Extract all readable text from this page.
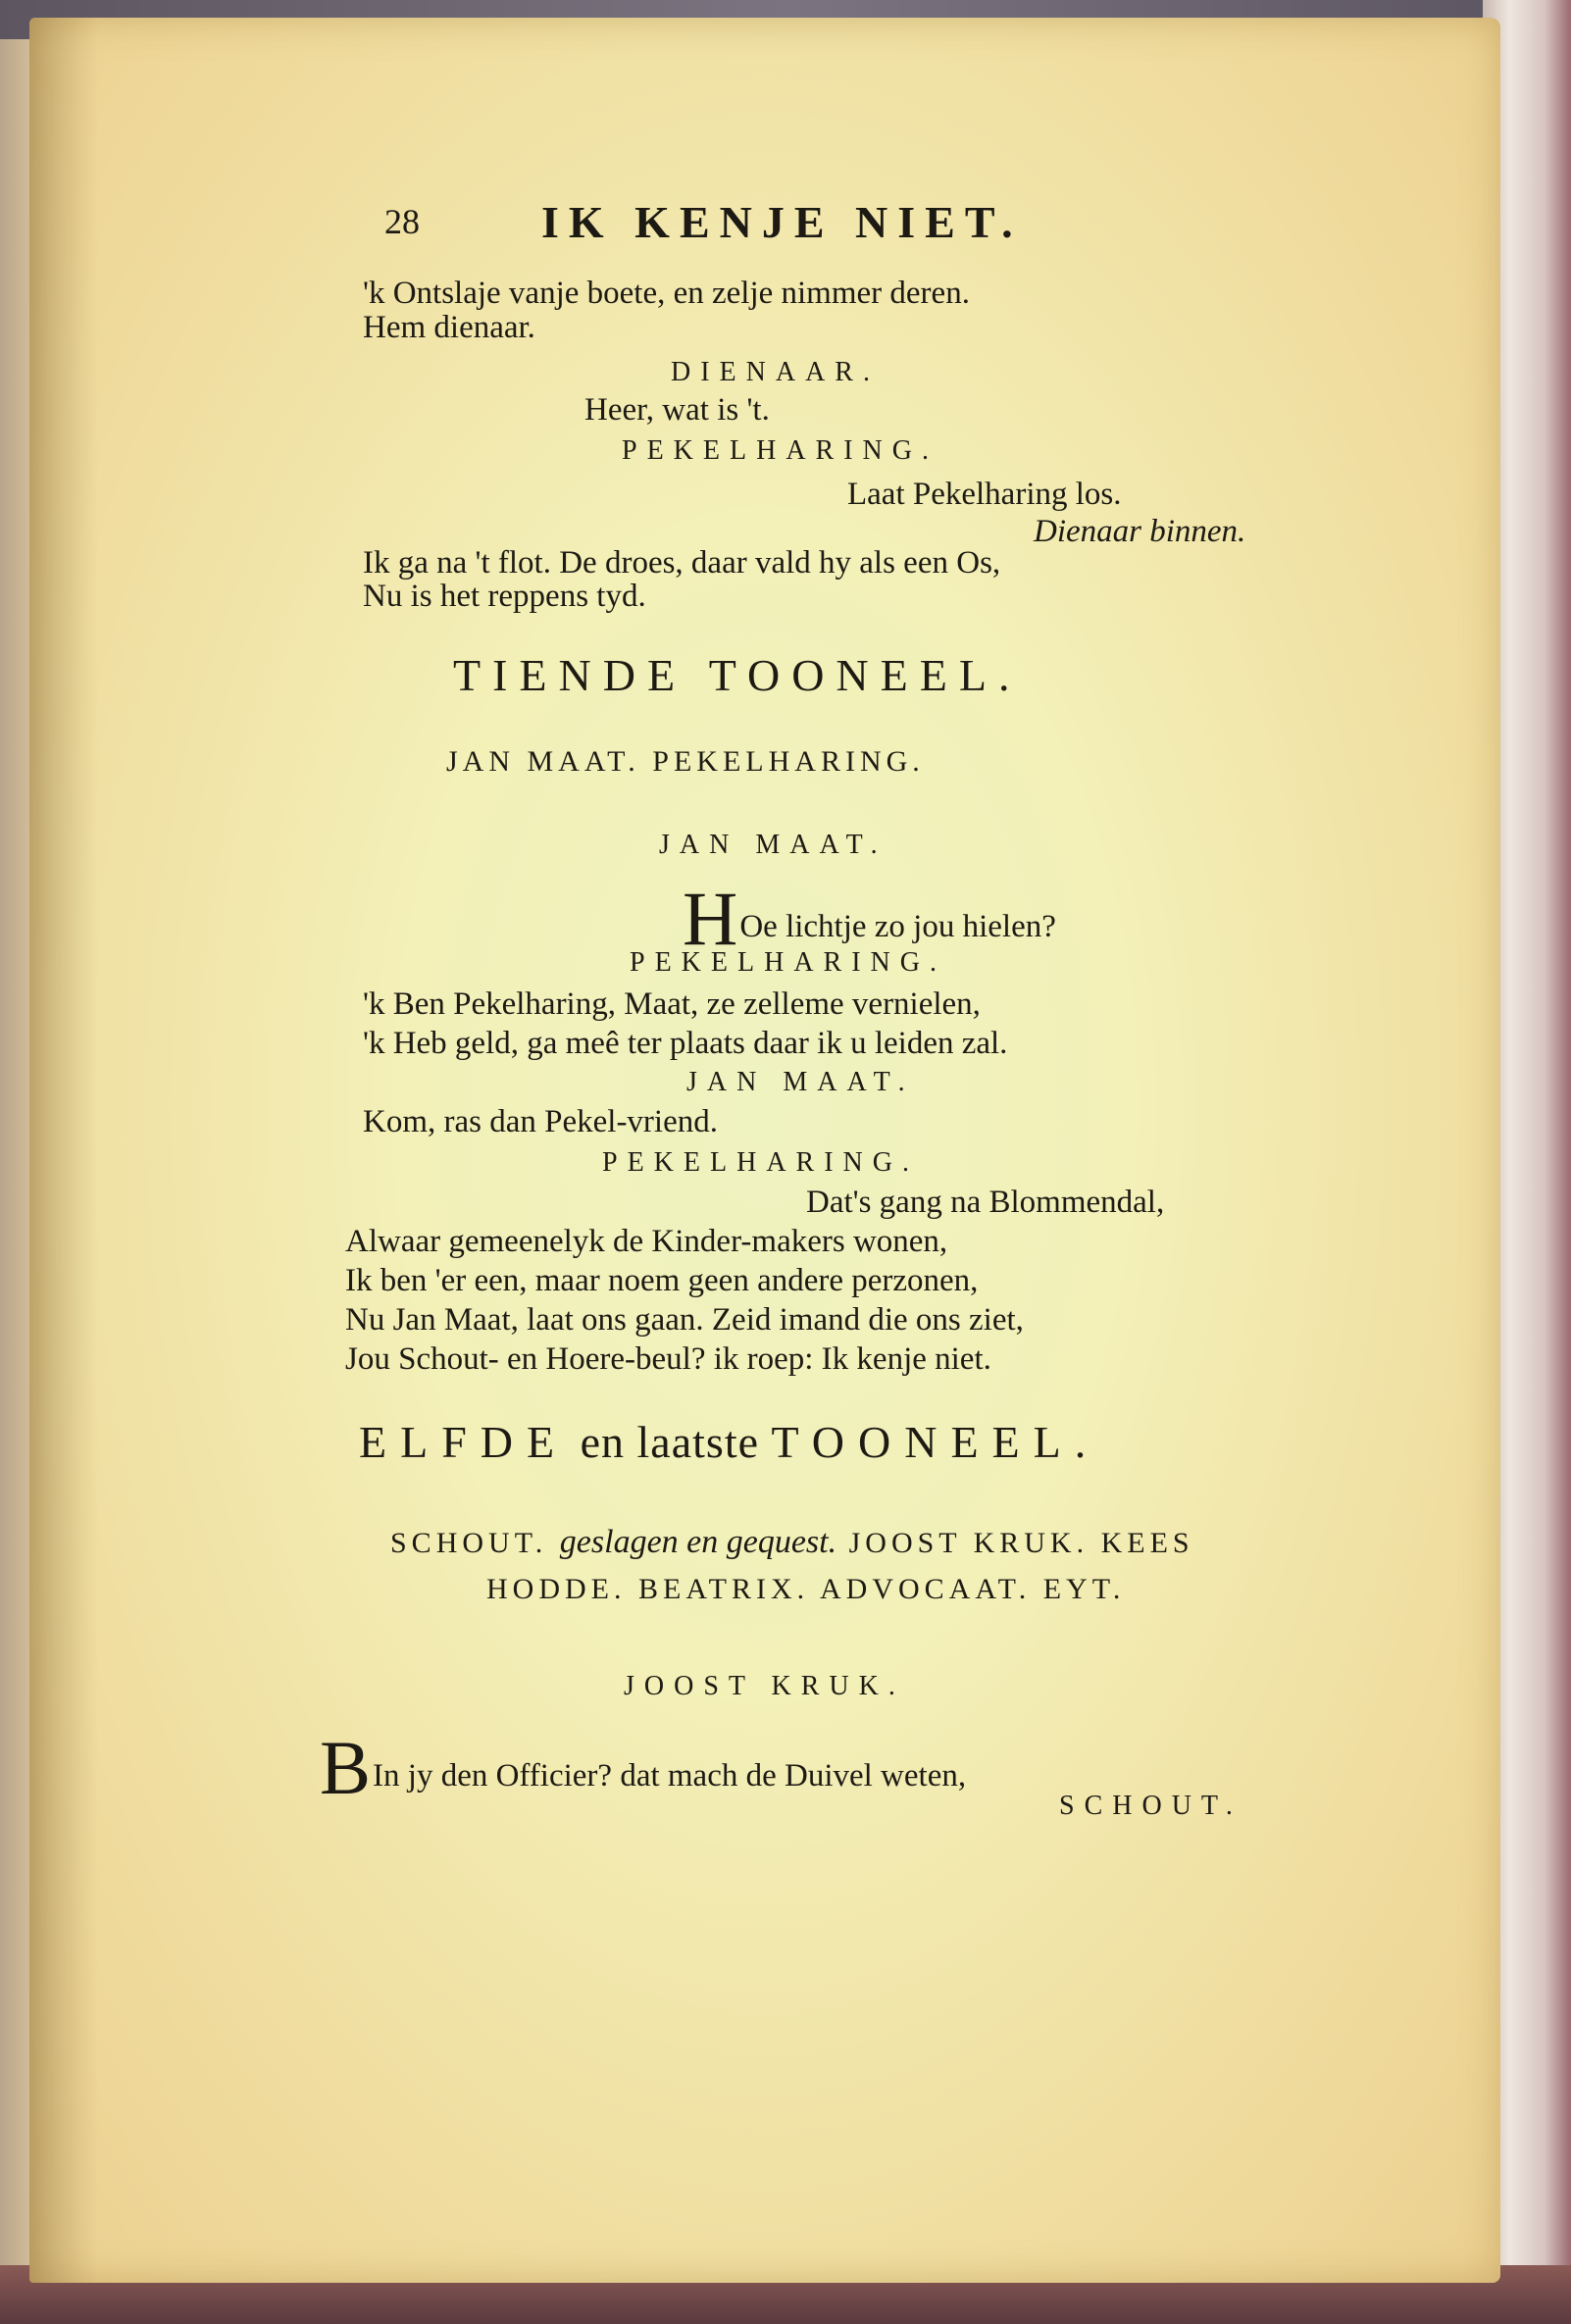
28	IK KENJE NIET.
'k Ontslaje vanje boete, en zelje nimmer deren.
Hem dienaar.
DIENAAR.
Heer, wat is 't.
PEKELHARING.
Laat Pekelharing los.
Dienaar binnen.
Ik ga na 't flot. De droes, daar vald hy als een Os,
Nu is het reppens tyd.
TIENDE TOONEEL.
JAN MAAT. PEKELHARING.
JAN MAAT.
HOe lichtje zo jou hielen?
PEKELHARING.
'k Ben Pekelharing, Maat, ze zelleme vernielen,
'k Heb geld, ga meê ter plaats daar ik u leiden zal.
JAN MAAT.
Kom, ras dan Pekel-vriend.
PEKELHARING.
Dat's gang na Blommendal,
Alwaar gemeenelyk de Kinder-makers wonen,
Ik ben 'er een, maar noem geen andere perzonen,
Nu Jan Maat, laat ons gaan. Zeid imand die ons ziet,
Jou Schout- en Hoere-beul? ik roep: Ik kenje niet.
ELFDE en laatste TOONEEL.
SCHOUT. geslagen en gequest. JOOST KRUK. KEES
HODDE. BEATRIX. ADVOCAAT. EYT.
JOOST KRUK.
BIn jy den Officier? dat mach de Duivel weten,
SCHOUT.
